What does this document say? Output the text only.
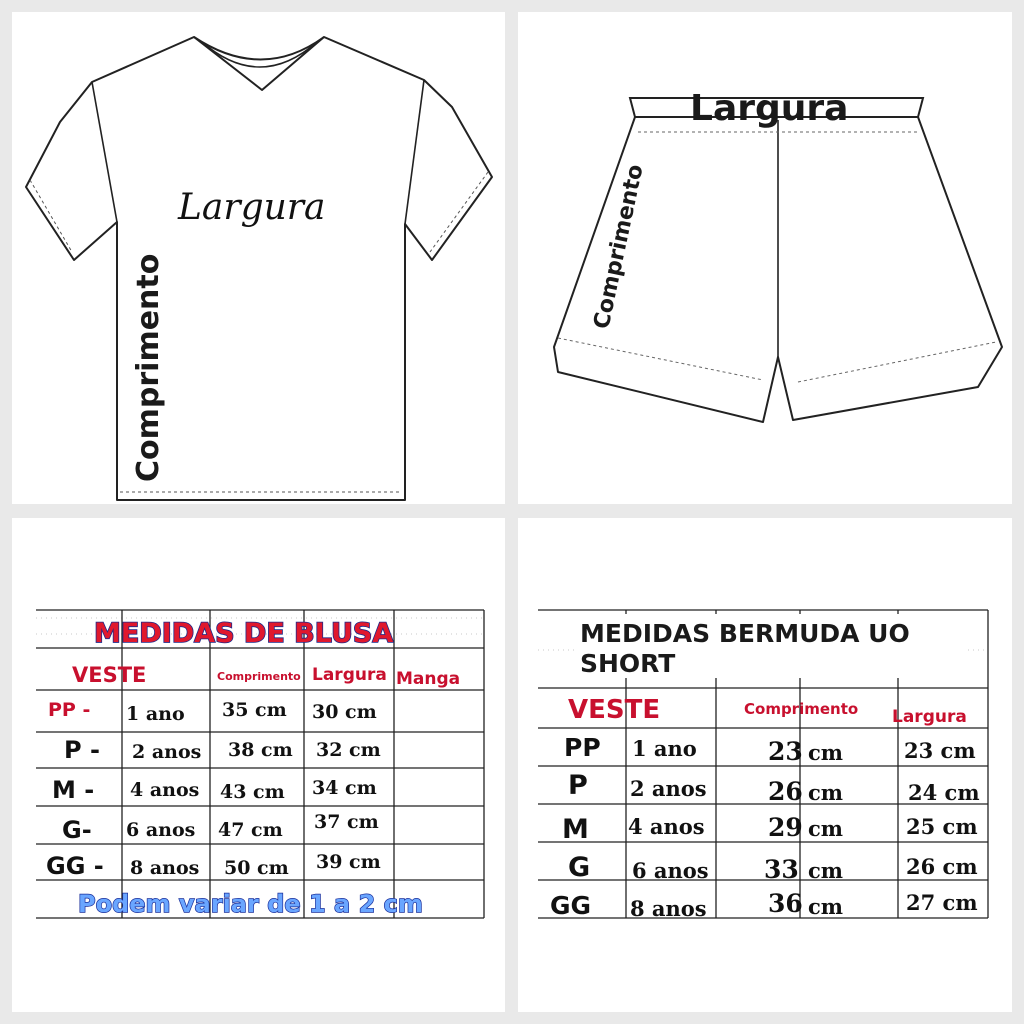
Largura
Comprimento
Largura
Comprimento
MEDIDAS DE BLUSA
VESTE	Comprimento Largura Manga
PP - 1 ano 35 cm 30 cm
P - 2 anos 38 cm 32 cm
M - 4 anos 43 cm 34 cm
G- 6 anos 47 cm 37 cm
GG - 8 anos 50 cm 39 cm
Podem variar de 1 a 2 cm
MEDIDAS BERMUDA UO
SHORT
VESTE	Comprimento Largura
PP 1 ano	23 cm	23 cm
P 2 anos 26 cm	24 cm
M 4 anos	29 cm	25 cm
G 6 anos 33 cm	26 cm
GG 8 anos 36 cm	27 cm
